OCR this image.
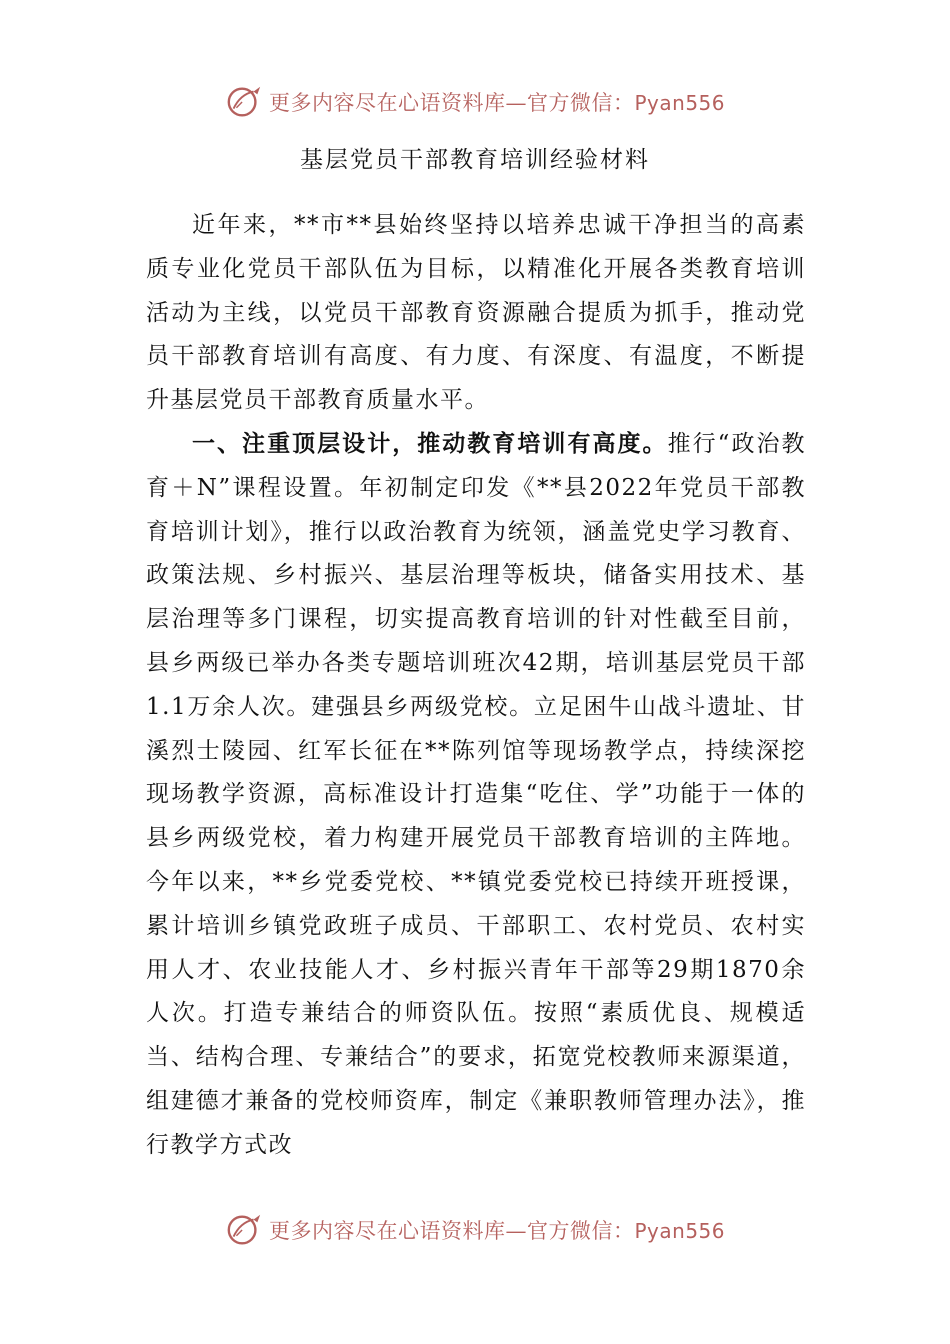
更多内容尽在心语资料库—官方微信：Pyan556
基层党员干部教育培训经验材料

近年来，**市**县始终坚持以培养忠诚干净担当的高素质专业化党员干部队伍为目标，以精准化开展各类教育培训活动为主线，以党员干部教育资源融合提质为抓手，推动党员干部教育培训有高度、有力度、有深度、有温度，不断提升基层党员干部教育质量水平。

一、注重顶层设计，推动教育培训有高度。推行“政治教育＋N”课程设置。年初制定印发《**县2022年党员干部教育培训计划》，推行以政治教育为统领，涵盖党史学习教育、政策法规、乡村振兴、基层治理等板块，储备实用技术、基层治理等多门课程，切实提高教育培训的针对性截至目前，县乡两级已举办各类专题培训班次42期，培训基层党员干部1.1万余人次。建强县乡两级党校。立足困牛山战斗遗址、甘溪烈士陵园、红军长征在**陈列馆等现场教学点，持续深挖现场教学资源，高标准设计打造集“吃住、学”功能于一体的县乡两级党校，着力构建开展党员干部教育培训的主阵地。今年以来，**乡党委党校、**镇党委党校已持续开班授课，累计培训乡镇党政班子成员、干部职工、农村党员、农村实用人才、农业技能人才、乡村振兴青年干部等29期1870余人次。打造专兼结合的师资队伍。按照“素质优良、规模适当、结构合理、专兼结合”的要求，拓宽党校教师来源渠道，组建德才兼备的党校师资库，制定《兼职教师管理办法》，推行教学方式改

更多内容尽在心语资料库—官方微信：Pyan556
